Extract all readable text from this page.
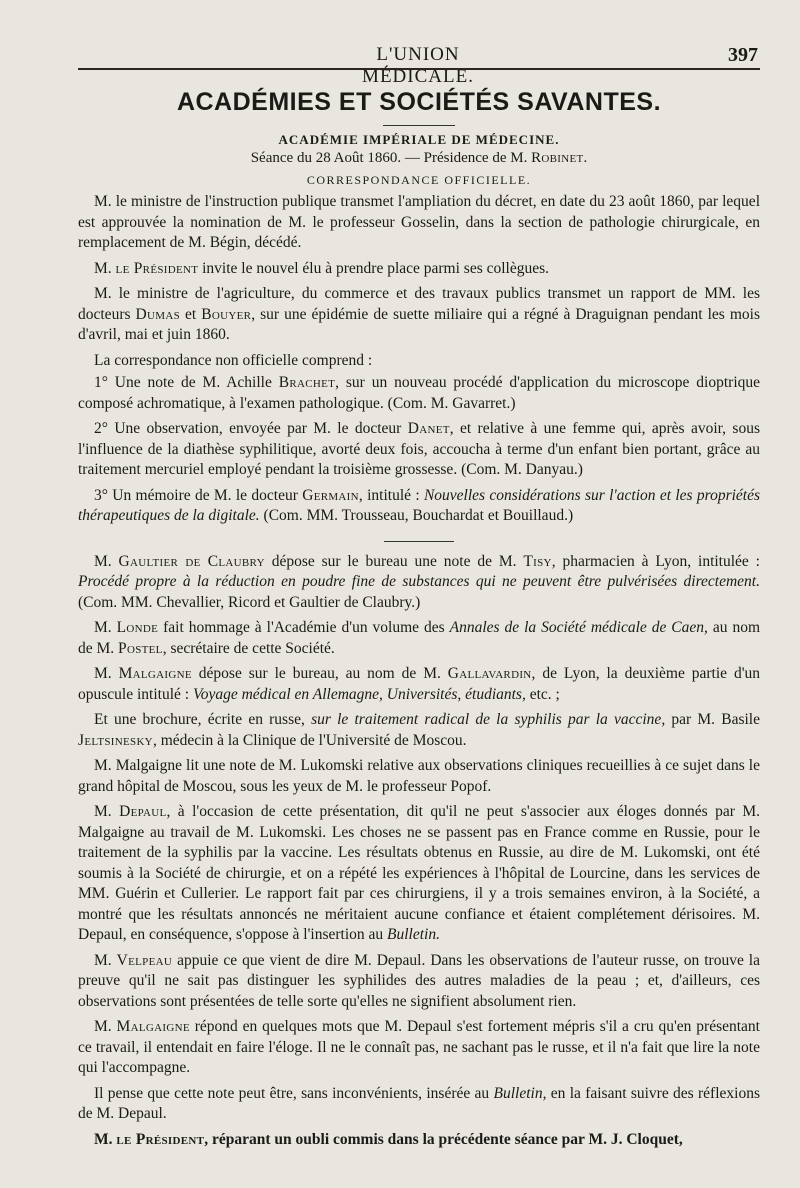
L'UNION MÉDICALE.
397
ACADÉMIES ET SOCIÉTÉS SAVANTES.
ACADÉMIE IMPÉRIALE DE MÉDECINE.
Séance du 28 Août 1860. — Présidence de M. Robinet.
CORRESPONDANCE OFFICIELLE.

M. le ministre de l'instruction publique transmet l'ampliation du décret, en date du 23 août 1860, par lequel est approuvée la nomination de M. le professeur Gosselin, dans la section de pathologie chirurgicale, en remplacement de M. Bégin, décédé.

M. le Président invite le nouvel élu à prendre place parmi ses collègues.

M. le ministre de l'agriculture, du commerce et des travaux publics transmet un rapport de MM. les docteurs Dumas et Bouyer, sur une épidémie de suette miliaire qui a régné à Draguignan pendant les mois d'avril, mai et juin 1860.

La correspondance non officielle comprend :

1° Une note de M. Achille Brachet, sur un nouveau procédé d'application du microscope dioptrique composé achromatique, à l'examen pathologique. (Com. M. Gavarret.)

2° Une observation, envoyée par M. le docteur Danet, et relative à une femme qui, après avoir, sous l'influence de la diathèse syphilitique, avorté deux fois, accoucha à terme d'un enfant bien portant, grâce au traitement mercuriel employé pendant la troisième grossesse. (Com. M. Danyau.)

3° Un mémoire de M. le docteur Germain, intitulé : Nouvelles considérations sur l'action et les propriétés thérapeutiques de la digitale. (Com. MM. Trousseau, Bouchardat et Bouillaud.)

M. Gaultier de Claubry dépose sur le bureau une note de M. Tisy, pharmacien à Lyon, intitulée : Procédé propre à la réduction en poudre fine de substances qui ne peuvent être pulvérisées directement. (Com. MM. Chevallier, Ricord et Gaultier de Claubry.)

M. Londe fait hommage à l'Académie d'un volume des Annales de la Société médicale de Caen, au nom de M. Postel, secrétaire de cette Société.

M. Malgaigne dépose sur le bureau, au nom de M. Gallavardin, de Lyon, la deuxième partie d'un opuscule intitulé : Voyage médical en Allemagne, Universités, étudiants, etc. ;

Et une brochure, écrite en russe, sur le traitement radical de la syphilis par la vaccine, par M. Basile Jeltsinesky, médecin à la Clinique de l'Université de Moscou.

M. Malgaigne lit une note de M. Lukomski relative aux observations cliniques recueillies à ce sujet dans le grand hôpital de Moscou, sous les yeux de M. le professeur Popof.

M. Depaul, à l'occasion de cette présentation, dit qu'il ne peut s'associer aux éloges donnés par M. Malgaigne au travail de M. Lukomski. Les choses ne se passent pas en France comme en Russie, pour le traitement de la syphilis par la vaccine. Les résultats obtenus en Russie, au dire de M. Lukomski, ont été soumis à la Société de chirurgie, et on a répété les expériences à l'hôpital de Lourcine, dans les services de MM. Guérin et Cullerier. Le rapport fait par ces chirurgiens, il y a trois semaines environ, à la Société, a montré que les résultats annoncés ne méritaient aucune confiance et étaient complétement dérisoires. M. Depaul, en conséquence, s'oppose à l'insertion au Bulletin.

M. Velpeau appuie ce que vient de dire M. Depaul. Dans les observations de l'auteur russe, on trouve la preuve qu'il ne sait pas distinguer les syphilides des autres maladies de la peau ; et, d'ailleurs, ces observations sont présentées de telle sorte qu'elles ne signifient absolument rien.

M. Malgaigne répond en quelques mots que M. Depaul s'est fortement mépris s'il a cru qu'en présentant ce travail, il entendait en faire l'éloge. Il ne le connaît pas, ne sachant pas le russe, et il n'a fait que lire la note qui l'accompagne.

Il pense que cette note peut être, sans inconvénients, insérée au Bulletin, en la faisant suivre des réflexions de M. Depaul.

M. le Président, réparant un oubli commis dans la précédente séance par M. J. Cloquet,
